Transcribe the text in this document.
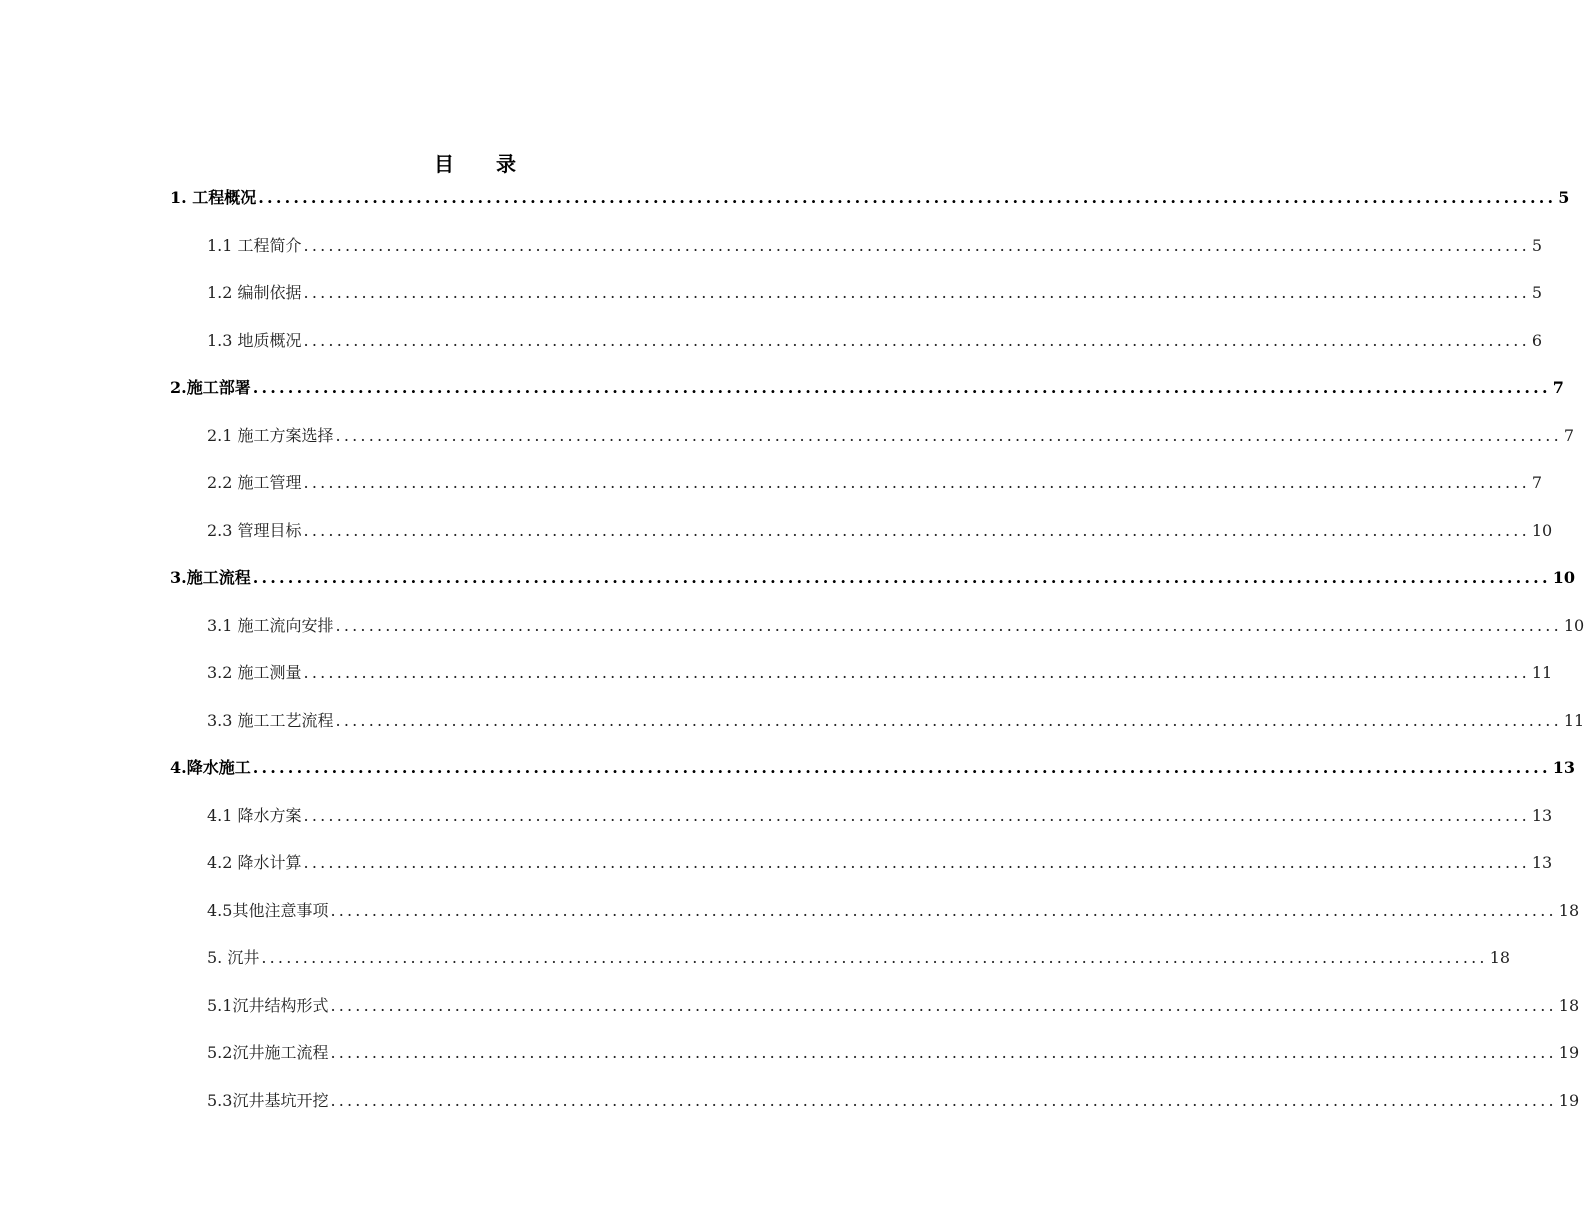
目 录
1. 工程概况 .................................................................................................................................................... 5
1.1 工程简介 .................................................................................................................................................... 5
1.2 编制依据 .................................................................................................................................................... 5
1.3 地质概况 .................................................................................................................................................... 6
2.施工部署 .................................................................................................................................................... 7
2.1 施工方案选择 .................................................................................................................................................... 7
2.2 施工管理 .................................................................................................................................................... 7
2.3 管理目标 .................................................................................................................................................... 10
3.施工流程 .................................................................................................................................................... 10
3.1 施工流向安排 .................................................................................................................................................... 10
3.2 施工测量 .................................................................................................................................................... 11
3.3 施工工艺流程 .................................................................................................................................................... 11
4.降水施工 .................................................................................................................................................... 13
4.1 降水方案 .................................................................................................................................................... 13
4.2 降水计算 .................................................................................................................................................... 13
4.5其他注意事项 .................................................................................................................................................... 18
5. 沉井 .................................................................................................................................................... 18
5.1沉井结构形式 .................................................................................................................................................... 18
5.2沉井施工流程 .................................................................................................................................................... 19
5.3沉井基坑开挖 .................................................................................................................................................... 19
